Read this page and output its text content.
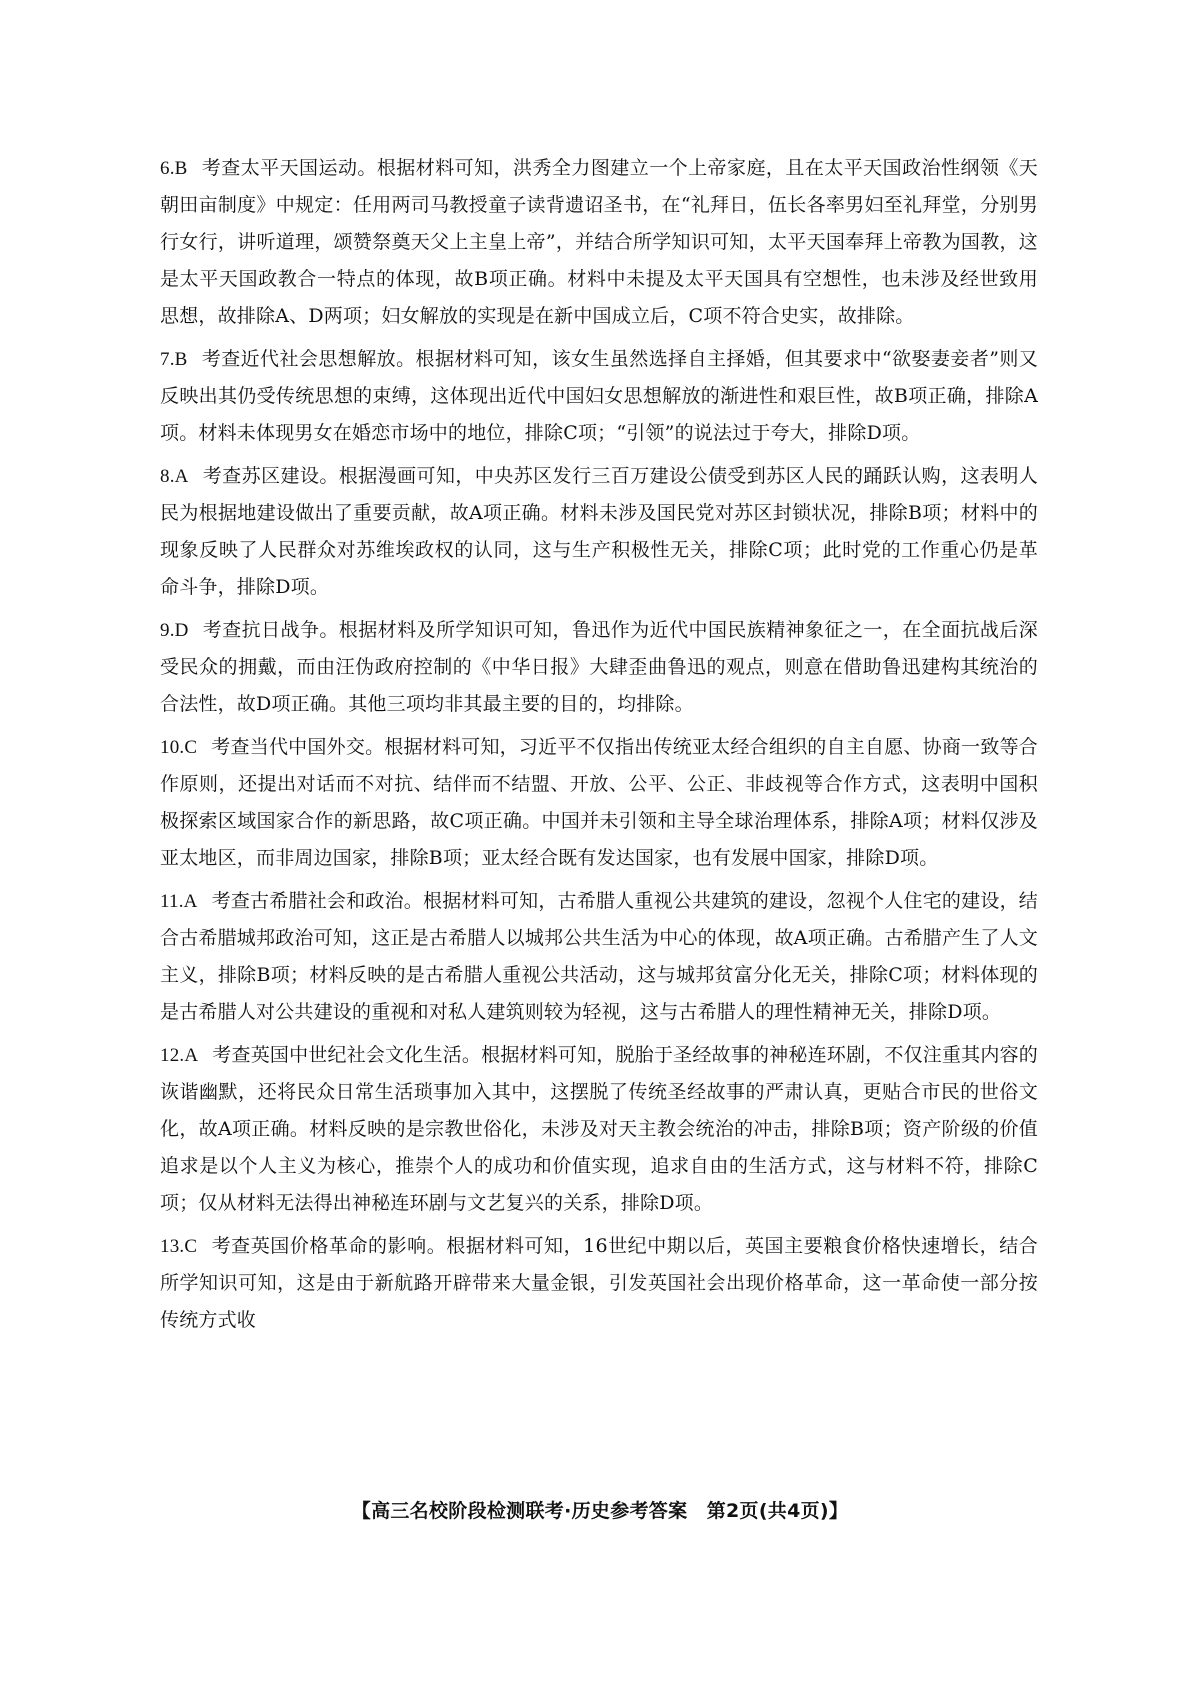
6.B 考查太平天国运动。根据材料可知，洪秀全力图建立一个上帝家庭，且在太平天国政治性纲领《天朝田亩制度》中规定：任用两司马教授童子读背遗诏圣书，在“礼拜日，伍长各率男妇至礼拜堂，分别男行女行，讲听道理，颂赞祭奠天父上主皇上帝”，并结合所学知识可知，太平天国奉拜上帝教为国教，这是太平天国政教合一特点的体现，故B项正确。材料中未提及太平天国具有空想性，也未涉及经世致用思想，故排除A、D两项；妇女解放的实现是在新中国成立后，C项不符合史实，故排除。
7.B 考查近代社会思想解放。根据材料可知，该女生虽然选择自主择婚，但其要求中“欲娶妻妾者”则又反映出其仍受传统思想的束缚，这体现出近代中国妇女思想解放的渐进性和艰巨性，故B项正确，排除A项。材料未体现男女在婚恋市场中的地位，排除C项；“引领”的说法过于夸大，排除D项。
8.A 考查苏区建设。根据漫画可知，中央苏区发行三百万建设公债受到苏区人民的踊跃认购，这表明人民为根据地建设做出了重要贡献，故A项正确。材料未涉及国民党对苏区封锁状况，排除B项；材料中的现象反映了人民群众对苏维埃政权的认同，这与生产积极性无关，排除C项；此时党的工作重心仍是革命斗争，排除D项。
9.D 考查抗日战争。根据材料及所学知识可知，鲁迅作为近代中国民族精神象征之一，在全面抗战后深受民众的拥戴，而由汪伪政府控制的《中华日报》大肆歪曲鲁迅的观点，则意在借助鲁迅建构其统治的合法性，故D项正确。其他三项均非其最主要的目的，均排除。
10.C 考查当代中国外交。根据材料可知，习近平不仅指出传统亚太经合组织的自主自愿、协商一致等合作原则，还提出对话而不对抗、结伴而不结盟、开放、公平、公正、非歧视等合作方式，这表明中国积极探索区域国家合作的新思路，故C项正确。中国并未引领和主导全球治理体系，排除A项；材料仅涉及亚太地区，而非周边国家，排除B项；亚太经合既有发达国家，也有发展中国家，排除D项。
11.A 考查古希腊社会和政治。根据材料可知，古希腊人重视公共建筑的建设，忽视个人住宅的建设，结合古希腊城邦政治可知，这正是古希腊人以城邦公共生活为中心的体现，故A项正确。古希腊产生了人文主义，排除B项；材料反映的是古希腊人重视公共活动，这与城邦贫富分化无关，排除C项；材料体现的是古希腊人对公共建设的重视和对私人建筑则较为轻视，这与古希腊人的理性精神无关，排除D项。
12.A 考查英国中世纪社会文化生活。根据材料可知，脱胎于圣经故事的神秘连环剧，不仅注重其内容的诙谐幽默，还将民众日常生活琐事加入其中，这摆脱了传统圣经故事的严肃认真，更贴合市民的世俗文化，故A项正确。材料反映的是宗教世俗化，未涉及对天主教会统治的冲击，排除B项；资产阶级的价值追求是以个人主义为核心，推崇个人的成功和价值实现，追求自由的生活方式，这与材料不符，排除C项；仅从材料无法得出神秘连环剧与文艺复兴的关系，排除D项。
13.C 考查英国价格革命的影响。根据材料可知，16世纪中期以后，英国主要粮食价格快速增长，结合所学知识可知，这是由于新航路开辟带来大量金银，引发英国社会出现价格革命，这一革命使一部分按传统方式收
【高三名校阶段检测联考·历史参考答案　第2页(共4页)】
